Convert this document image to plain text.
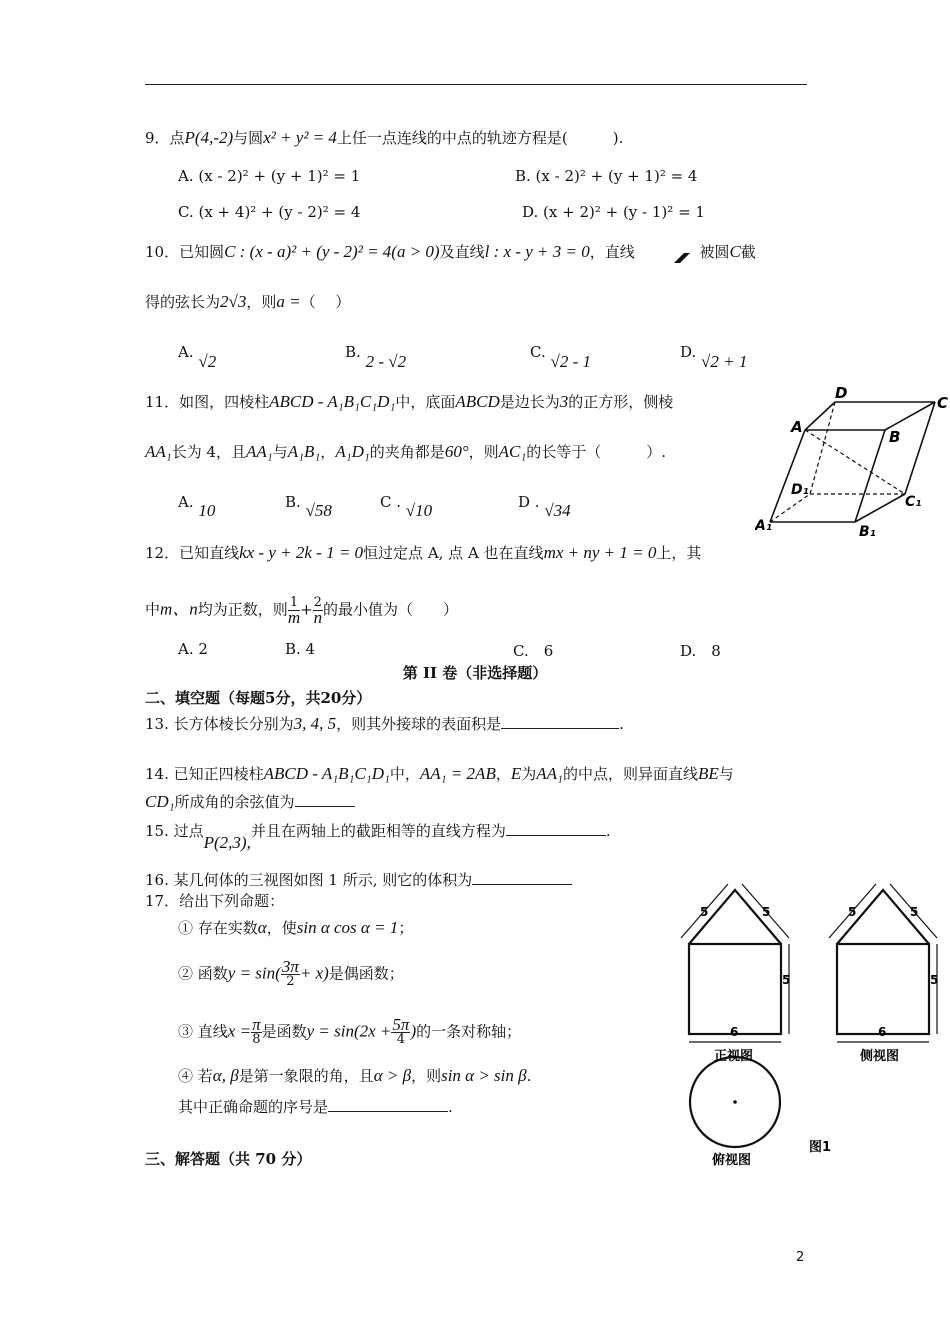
9．点P(4,-2)与圆x² + y² = 4上任一点连线的中点的轨迹方程是(　　　).
A. (x - 2)² + (y + 1)² = 1	B. (x - 2)² + (y + 1)² = 4
C. (x + 4)² + (y - 2)² = 4	D. (x + 2)² + (y - 1)² = 1
10．已知圆C : (x - a)² + (y - 2)² = 4(a > 0)及直线l : x - y + 3 = 0，直线	被圆C截
得的弦长为2√3，则a =（　 ）
A. √2	B. 2 - √2	C. √2 - 1	D. √2 + 1
11．如图，四棱柱ABCD - A₁B₁C₁D₁中，底面ABCD是边长为3的正方形，侧棱
AA₁长为 4，且AA₁与A₁B₁，A₁D₁的夹角都是60°，则AC₁的长等于（　　　）.
A. 10	B. √58	C . √10	D . √34
D
C
A
B
D₁
C₁
A₁	B₁
12．已知直线kx - y + 2k - 1 = 0恒过定点 A, 点 A 也在直线mx + ny + 1 = 0上，其
中m、n均为正数，则 $\frac{1}{m} + \frac{2}{n}$ 的最小值为（　　）
A. 2	B. 4	C.　6	D.　8
第 II 卷（非选择题）
二、填空题（每题5分，共20分）
13. 长方体棱长分别为3, 4, 5，则其外接球的表面积是	.
14. 已知正四棱柱ABCD - A₁B₁C₁D₁中，AA₁ = 2AB，E为AA₁的中点，则异面直线BE与
CD₁所成角的余弦值为
15. 过点P(2,3),并且在两轴上的截距相等的直线方程为	.
16. 某几何体的三视图如图 1 所示, 则它的体积为
17．给出下列命题：
① 存在实数α，使sin α cos α = 1；
② 函数$y = \sin( \frac{3\pi}{2} + x)$是偶函数；
③ 直线$x = \frac{\pi}{8}$ 是函数$y = \sin(2x + \frac{5\pi}{4}$ )的一条对称轴；
④ 若α, β是第一象限的角，且α > β，则sin α > sin β.
其中正确命题的序号是	.
三、解答题（共 70 分）
5	5
5
6
5	5
5
6
正视图	侧视图
俯视图
图1
2
